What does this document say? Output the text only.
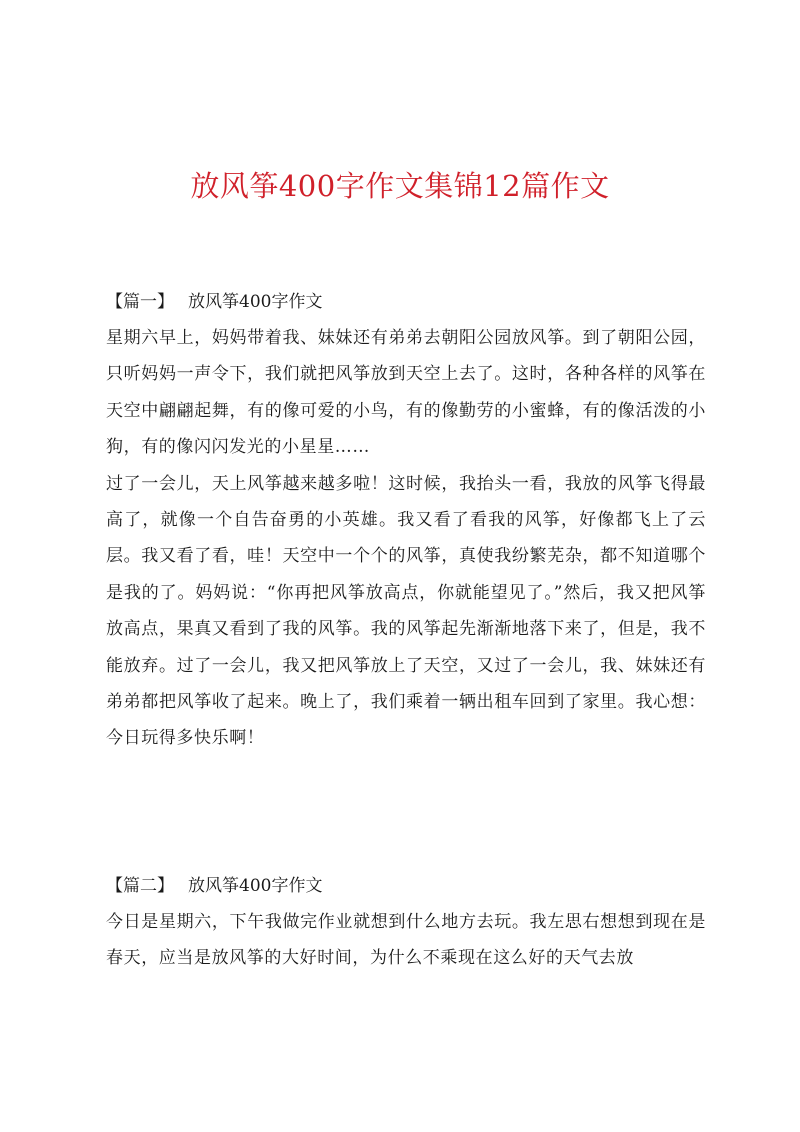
放风筝400字作文集锦12篇作文

【篇一】 放风筝400字作文

星期六早上，妈妈带着我、妹妹还有弟弟去朝阳公园放风筝。到了朝阳公园，只听妈妈一声令下，我们就把风筝放到天空上去了。这时，各种各样的风筝在天空中翩翩起舞，有的像可爱的小鸟，有的像勤劳的小蜜蜂，有的像活泼的小狗，有的像闪闪发光的小星星……

过了一会儿，天上风筝越来越多啦！这时候，我抬头一看，我放的风筝飞得最高了，就像一个自告奋勇的小英雄。我又看了看我的风筝，好像都飞上了云层。我又看了看，哇！天空中一个个的风筝，真使我纷繁芜杂，都不知道哪个是我的了。妈妈说：“你再把风筝放高点，你就能望见了。”然后，我又把风筝放高点，果真又看到了我的风筝。我的风筝起先渐渐地落下来了，但是，我不能放弃。过了一会儿，我又把风筝放上了天空，又过了一会儿，我、妹妹还有弟弟都把风筝收了起来。晚上了，我们乘着一辆出租车回到了家里。我心想：今日玩得多快乐啊！

【篇二】 放风筝400字作文

今日是星期六，下午我做完作业就想到什么地方去玩。我左思右想想到现在是春天，应当是放风筝的大好时间，为什么不乘现在这么好的天气去放
